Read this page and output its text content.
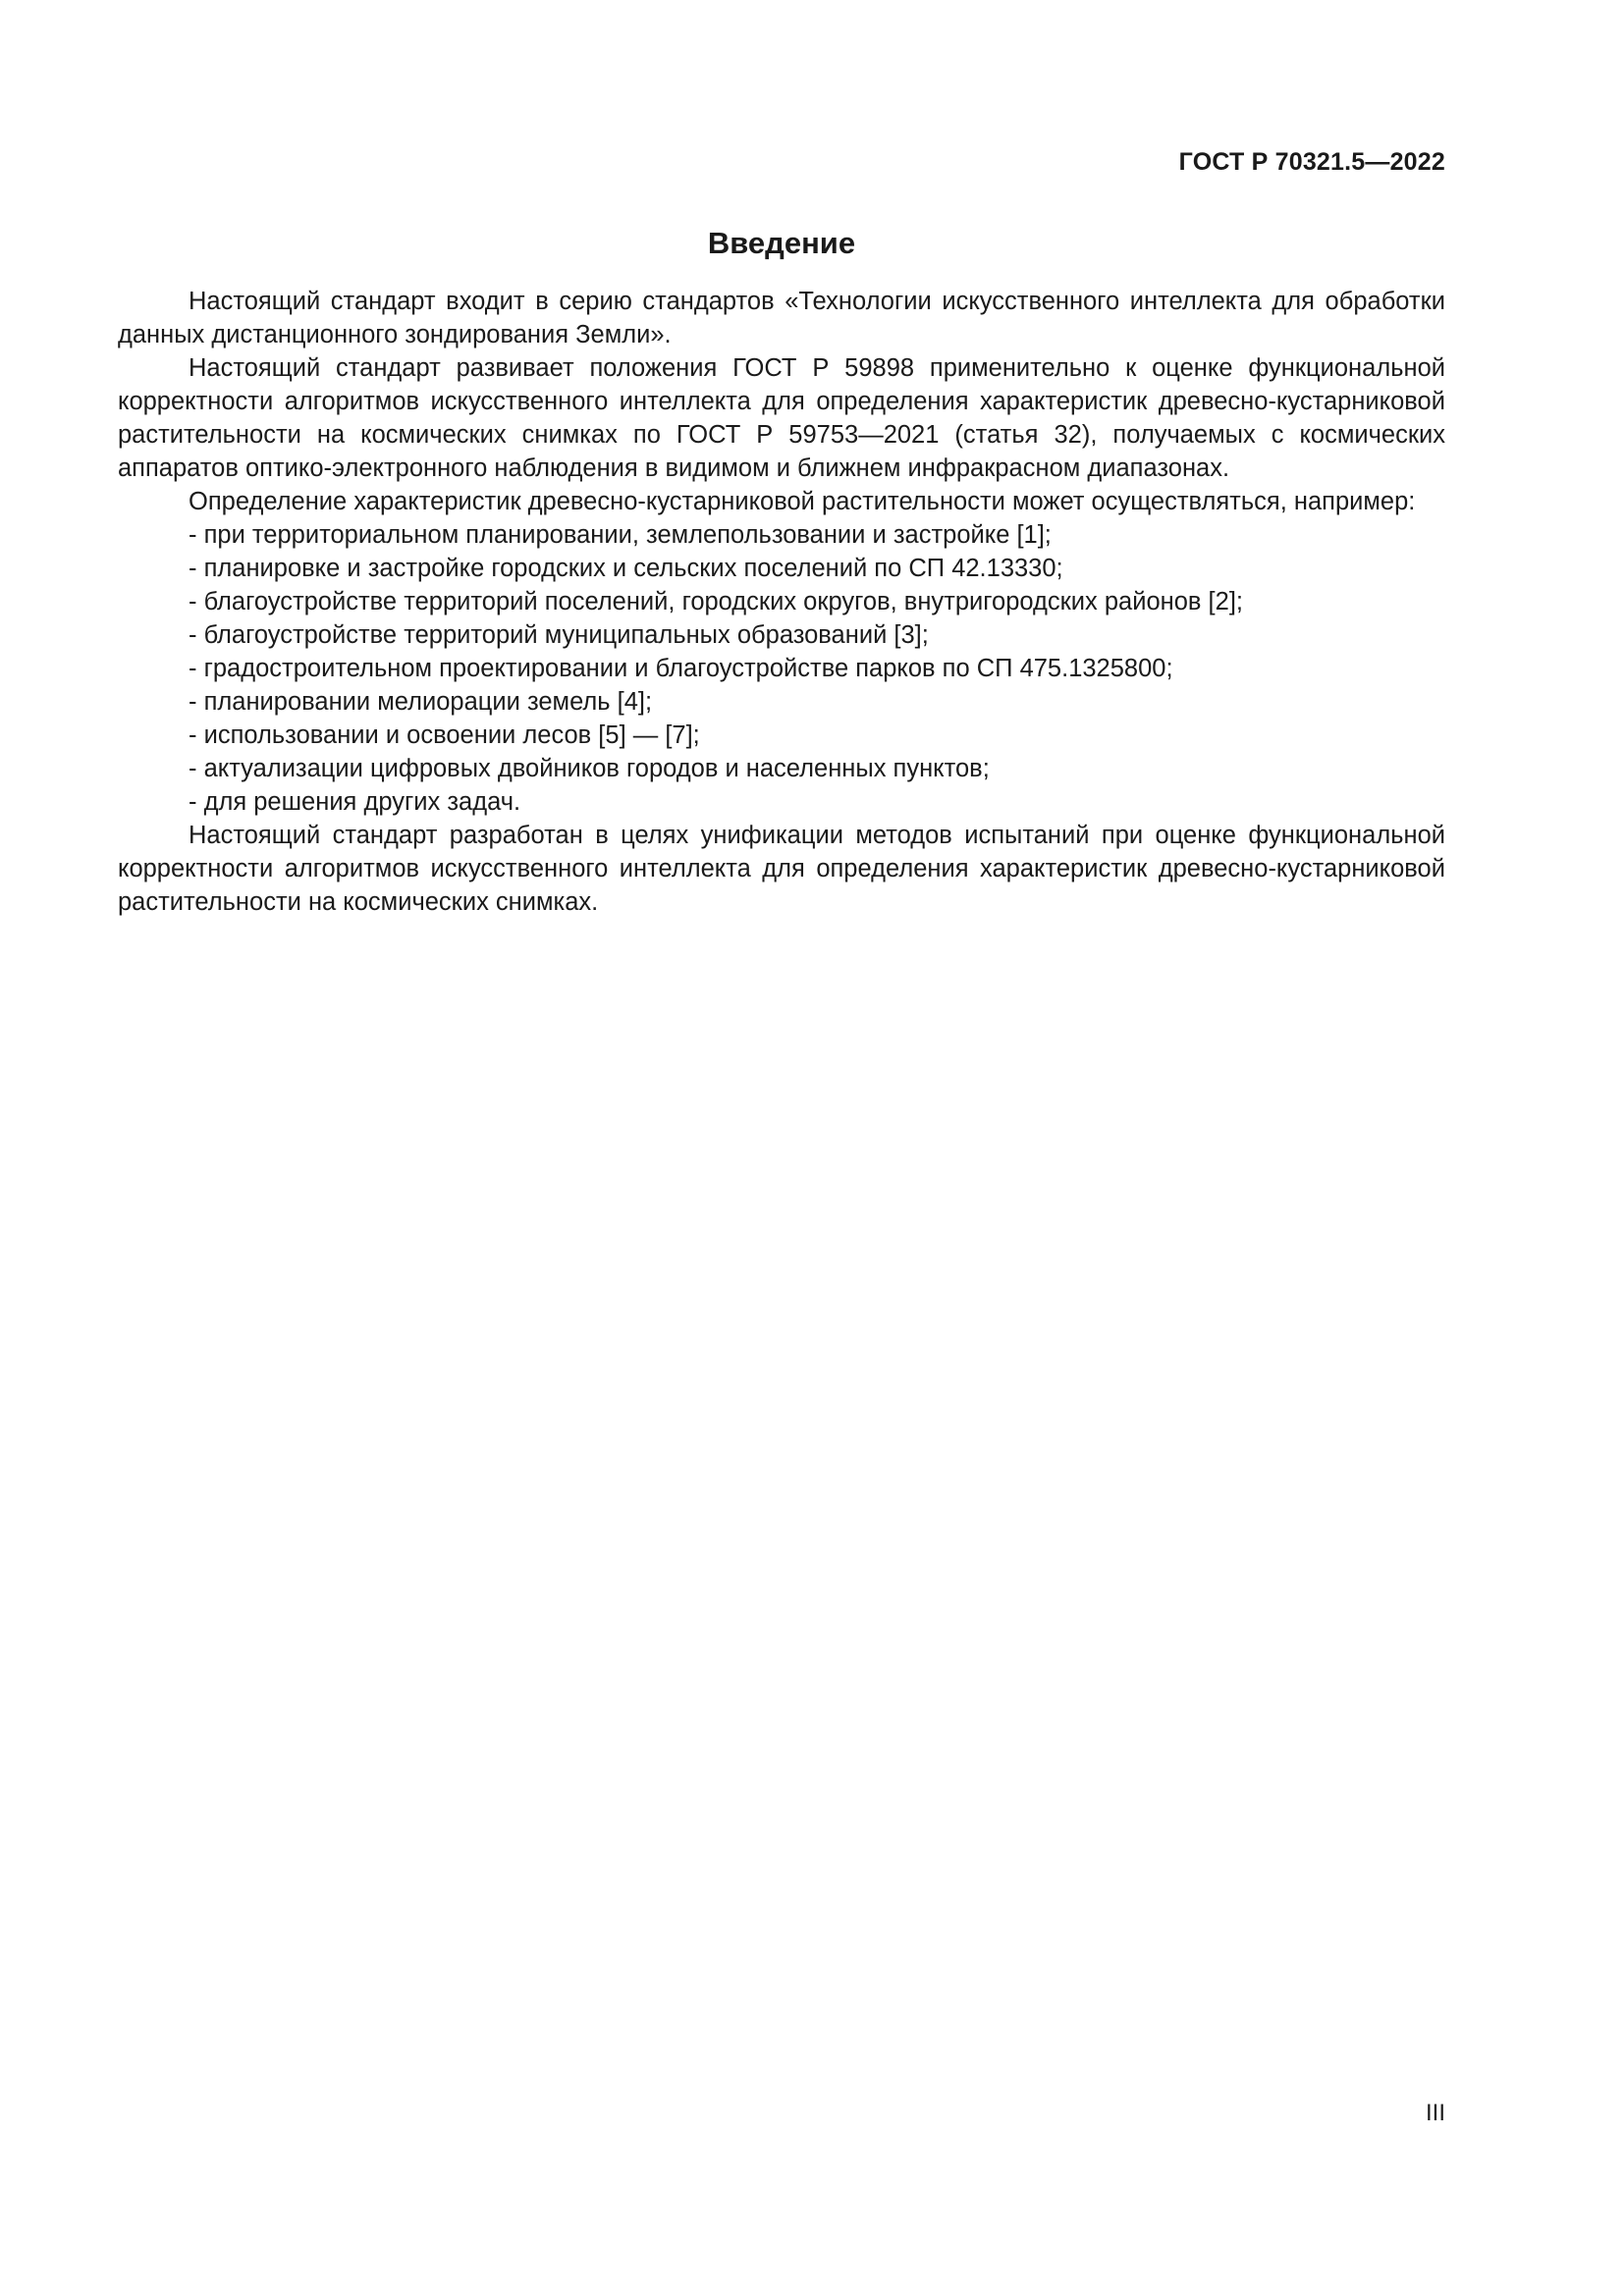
ГОСТ Р 70321.5—2022
Введение

Настоящий стандарт входит в серию стандартов «Технологии искусственного интеллекта для обработки данных дистанционного зондирования Земли».

Настоящий стандарт развивает положения ГОСТ Р 59898 применительно к оценке функциональной корректности алгоритмов искусственного интеллекта для определения характеристик древесно-кустарниковой растительности на космических снимках по ГОСТ Р 59753—2021 (статья 32), получаемых с космических аппаратов оптико-электронного наблюдения в видимом и ближнем инфракрасном диапазонах.

Определение характеристик древесно-кустарниковой растительности может осуществляться, например:

- при территориальном планировании, землепользовании и застройке [1];
- планировке и застройке городских и сельских поселений по СП 42.13330;
- благоустройстве территорий поселений, городских округов, внутригородских районов [2];
- благоустройстве территорий муниципальных образований [3];
- градостроительном проектировании и благоустройстве парков по СП 475.1325800;
- планировании мелиорации земель [4];
- использовании и освоении лесов [5] — [7];
- актуализации цифровых двойников городов и населенных пунктов;
- для решения других задач.

Настоящий стандарт разработан в целях унификации методов испытаний при оценке функциональной корректности алгоритмов искусственного интеллекта для определения характеристик древесно-кустарниковой растительности на космических снимках.

III
